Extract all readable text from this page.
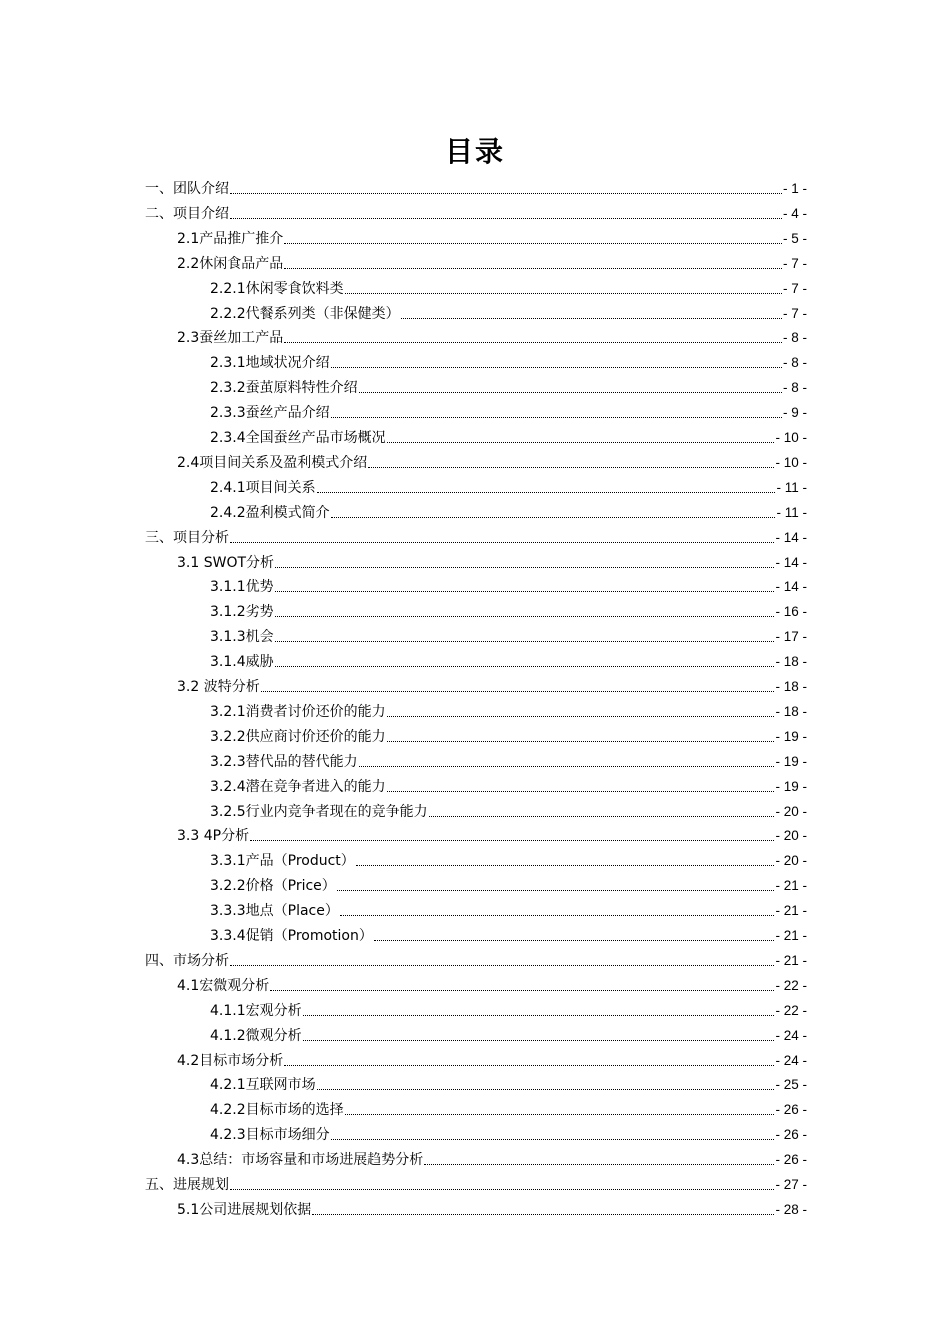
目录
一、团队介绍	- 1 -
二、项目介绍	- 4 -
2.1产品推广推介	- 5 -
2.2休闲食品产品	- 7 -
2.2.1休闲零食饮料类	- 7 -
2.2.2代餐系列类（非保健类）	- 7 -
2.3蚕丝加工产品	- 8 -
2.3.1地域状况介绍	- 8 -
2.3.2蚕茧原料特性介绍	- 8 -
2.3.3蚕丝产品介绍	- 9 -
2.3.4全国蚕丝产品市场概况	- 10 -
2.4项目间关系及盈利模式介绍	- 10 -
2.4.1项目间关系	- 11 -
2.4.2盈利模式简介	- 11 -
三、项目分析	- 14 -
3.1 SWOT分析	- 14 -
3.1.1优势	- 14 -
3.1.2劣势	- 16 -
3.1.3机会	- 17 -
3.1.4威胁	- 18 -
3.2 波特分析	- 18 -
3.2.1消费者讨价还价的能力	- 18 -
3.2.2供应商讨价还价的能力	- 19 -
3.2.3替代品的替代能力	- 19 -
3.2.4潜在竞争者进入的能力	- 19 -
3.2.5行业内竞争者现在的竞争能力	- 20 -
3.3 4P分析	- 20 -
3.3.1产品（Product）	- 20 -
3.2.2价格（Price）	- 21 -
3.3.3地点（Place）	- 21 -
3.3.4促销（Promotion）	- 21 -
四、市场分析	- 21 -
4.1宏微观分析	- 22 -
4.1.1宏观分析	- 22 -
4.1.2微观分析	- 24 -
4.2目标市场分析	- 24 -
4.2.1互联网市场	- 25 -
4.2.2目标市场的选择	- 26 -
4.2.3目标市场细分	- 26 -
4.3总结：市场容量和市场进展趋势分析	- 26 -
五、进展规划	- 27 -
5.1公司进展规划依据	- 28 -
